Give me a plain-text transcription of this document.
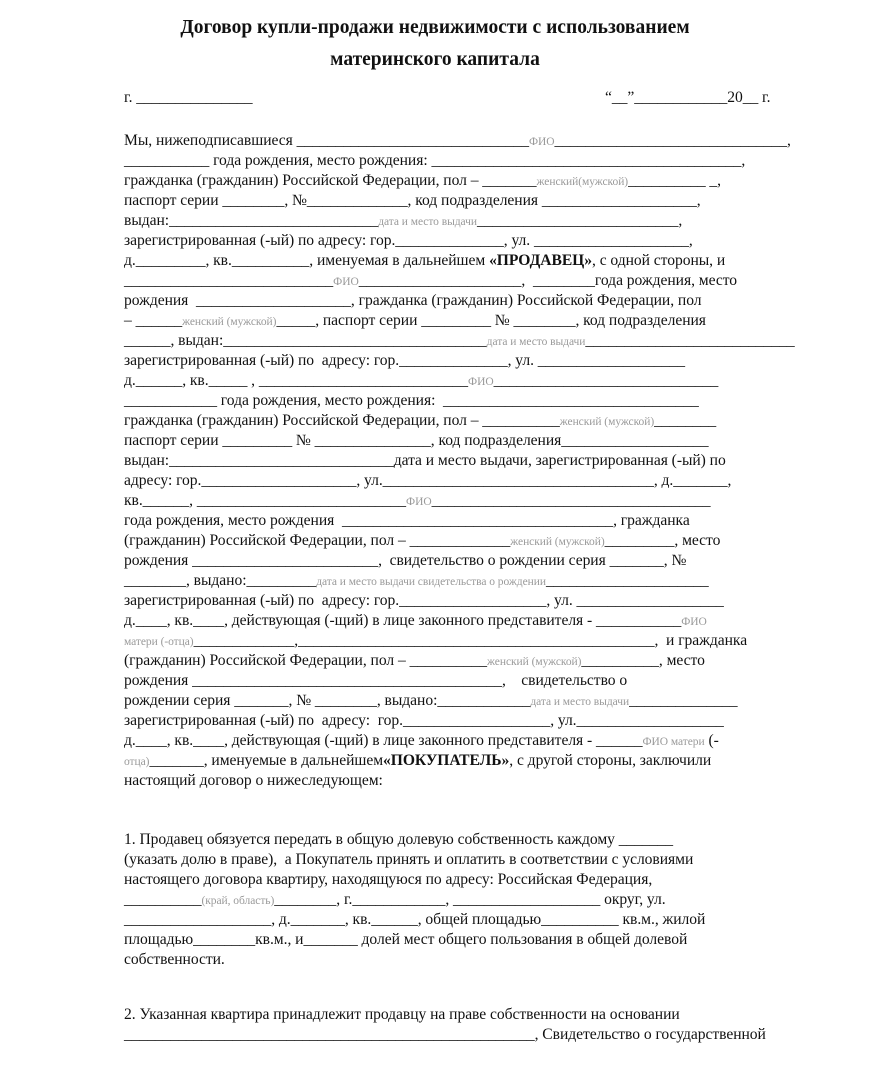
Договор купли-продажи недвижимости с использованием
материнского капитала
г. _______________	“__”____________20__ г.
Мы, нижеподписавшиеся ______________________________ФИО______________________________,
___________ года рождения, место рождения: ________________________________________,
гражданка (гражданин) Российской Федерации, пол – _______женский(мужской)__________ _,
паспорт серии ________, №_____________, код подразделения ____________________,
выдан:___________________________дата и место выдачи__________________________,
зарегистрированная (-ый) по адресу: гор.______________, ул. ____________________,
д._________, кв.__________, именуемая в дальнейшем «ПРОДАВЕЦ», с одной стороны, и
___________________________ФИО_____________________,  ________года рождения, место
рождения  ____________________, гражданка (гражданин) Российской Федерации, пол
– ______женский (мужской)_____, паспорт серии _________ № ________, код подразделения
______, выдан:__________________________________дата и место выдачи___________________________
зарегистрированная (-ый) по  адресу: гор.______________, ул. ___________________
д.______, кв._____ , ___________________________ФИО_____________________________
____________ года рождения, место рождения:  _________________________________
гражданка (гражданин) Российской Федерации, пол – __________женский (мужской)________
паспорт серии _________ № _______________, код подразделения___________________
выдан:_____________________________дата и место выдачи, зарегистрированная (-ый) по
адресу: гор.____________________, ул.___________________________________, д._______,
кв.______, ___________________________ФИО____________________________________
года рождения, место рождения  ___________________________________, гражданка
(гражданин) Российской Федерации, пол – _____________женский (мужской)_________, место
рождения ________________________,  свидетельство о рождении серия _______, №
________, выдано:_________дата и место выдачи свидетельства о рождении_____________________
зарегистрированная (-ый) по  адресу: гор.___________________, ул. ___________________
д.____, кв.____, действующая (-щий) в лице законного представителя - ___________ФИО
матери (-отца)_____________,______________________________________________,  и гражданка
(гражданин) Российской Федерации, пол – __________женский (мужской)__________, место
рождения ________________________________________,    свидетельство о
рождении серия _______, № ________, выдано:____________дата и место выдачи______________
зарегистрированная (-ый) по  адресу:  гор.___________________, ул.___________________
д.____, кв.____, действующая (-щий) в лице законного представителя - ______ФИО матери (-
отца)_______, именуемые в дальнейшем«ПОКУПАТЕЛЬ», с другой стороны, заключили
настоящий договор о нижеследующем:
1. Продавец обязуется передать в общую долевую собственность каждому _______
(указать долю в праве),  а Покупатель принять и оплатить в соответствии с условиями
настоящего договора квартиру, находящуюся по адресу: Российская Федерация,
__________(край, область)________, г.____________, ___________________ округ, ул.
___________________, д._______, кв.______, общей площадью__________ кв.м., жилой
площадью________кв.м., и_______ долей мест общего пользования в общей долевой
собственности.
2. Указанная квартира принадлежит продавцу на праве собственности на основании
_____________________________________________________, Свидетельство о государственной
